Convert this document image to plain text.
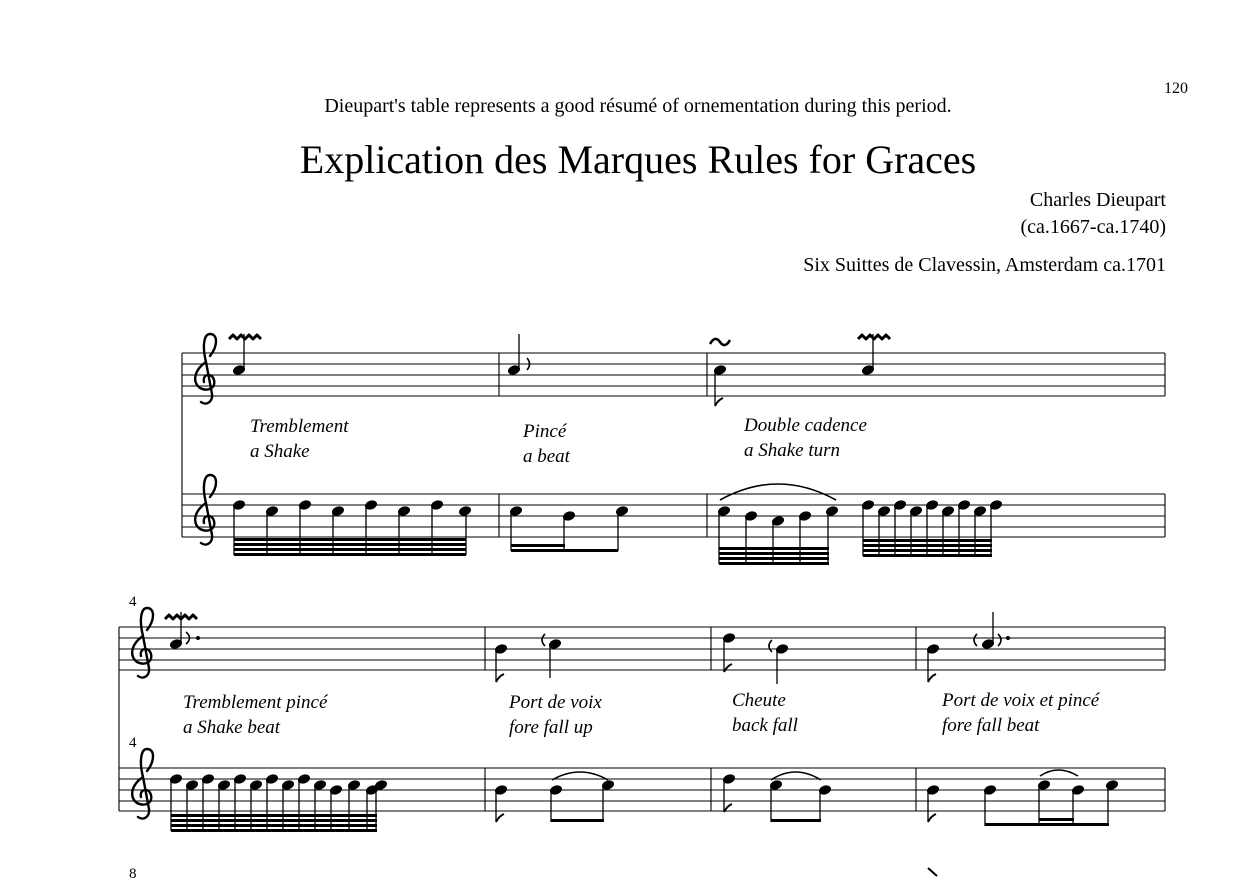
120
Dieupart's table represents a good résumé of ornementation during this period.
Explication des Marques Rules for Graces
Charles Dieupart
(ca.1667-ca.1740)
Six Suittes de Clavessin, Amsterdam ca.1701
4
4
8
Tremblement
a Shake
Pincé
a beat
Double cadence
a Shake turn
Tremblement pincé
a Shake beat
Port de voix
fore fall up
Cheute
back fall
Port de voix et pincé
fore fall beat
